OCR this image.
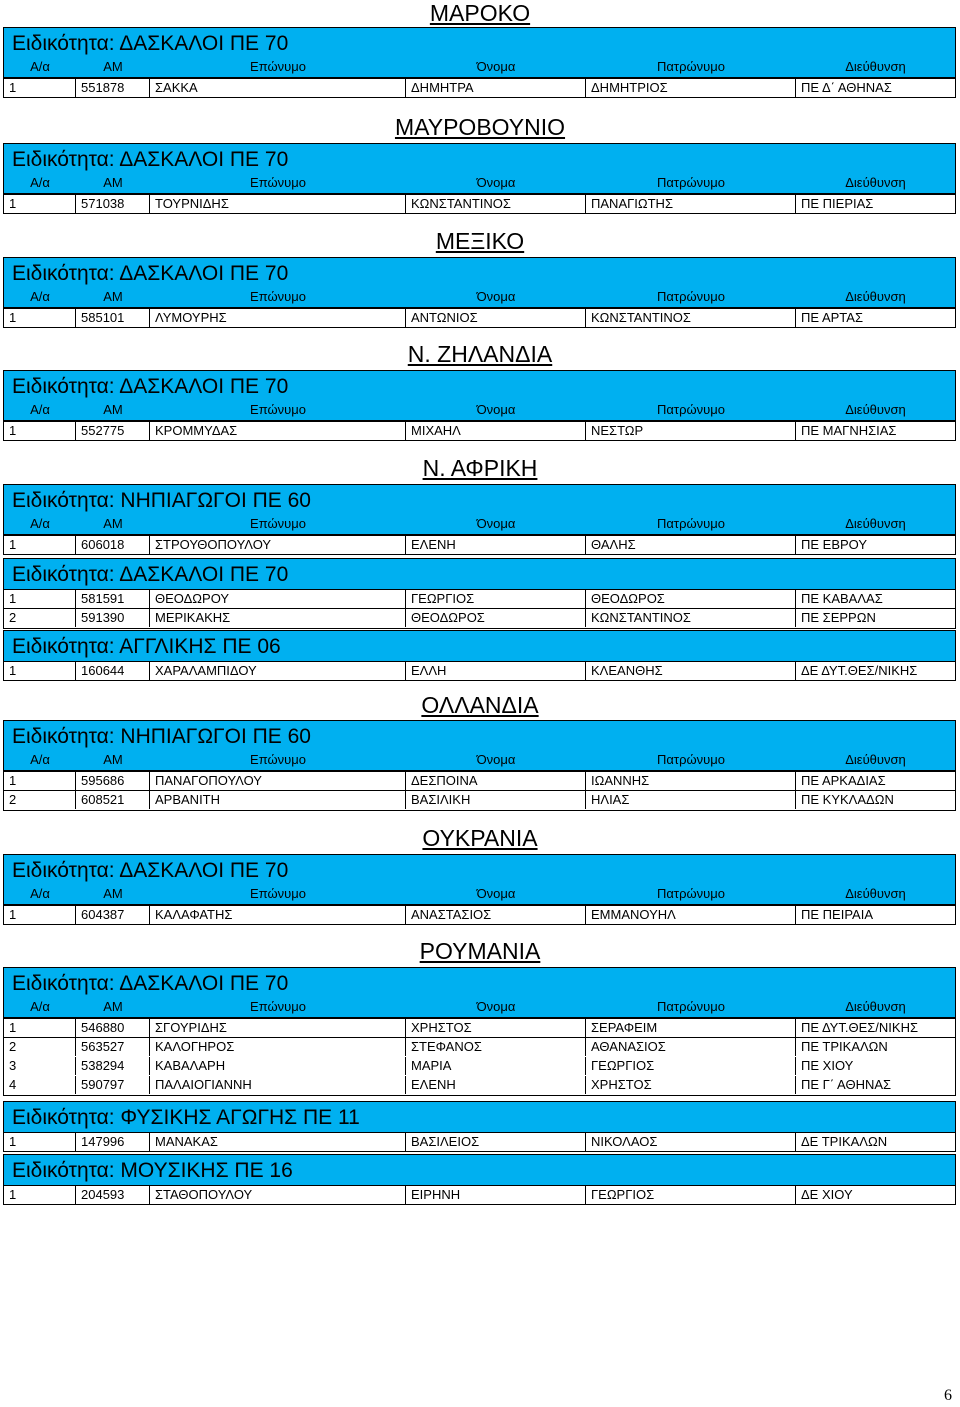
6
ΜΑΡΟΚΟ
Ειδικότητα: ΔΑΣΚΑΛΟΙ ΠΕ 70
Α/α	ΑΜ	Επώνυμο	Όνομα	Πατρώνυμο	Διεύθυνση
1	551878	ΣΑΚΚΑ	ΔΗΜΗΤΡΑ	ΔΗΜΗΤΡΙΟΣ	ΠΕ Δ΄ ΑΘΗΝΑΣ
ΜΑΥΡΟΒΟΥΝΙΟ
Ειδικότητα: ΔΑΣΚΑΛΟΙ ΠΕ 70
Α/α	ΑΜ	Επώνυμο	Όνομα	Πατρώνυμο	Διεύθυνση
1	571038	ΤΟΥΡΝΙΔΗΣ	ΚΩΝΣΤΑΝΤΙΝΟΣ	ΠΑΝΑΓΙΩΤΗΣ	ΠΕ ΠΙΕΡΙΑΣ
ΜΕΞΙΚΟ
Ειδικότητα: ΔΑΣΚΑΛΟΙ ΠΕ 70
Α/α	ΑΜ	Επώνυμο	Όνομα	Πατρώνυμο	Διεύθυνση
1	585101	ΛΥΜΟΥΡΗΣ	ΑΝΤΩΝΙΟΣ	ΚΩΝΣΤΑΝΤΙΝΟΣ	ΠΕ ΑΡΤΑΣ
Ν. ΖΗΛΑΝΔΙΑ
Ειδικότητα: ΔΑΣΚΑΛΟΙ ΠΕ 70
Α/α	ΑΜ	Επώνυμο	Όνομα	Πατρώνυμο	Διεύθυνση
1	552775	ΚΡΟΜΜΥΔΑΣ	ΜΙΧΑΗΛ	ΝΕΣΤΩΡ	ΠΕ ΜΑΓΝΗΣΙΑΣ
Ν. ΑΦΡΙΚΗ
Ειδικότητα: ΝΗΠΙΑΓΩΓΟΙ ΠΕ 60
Α/α	ΑΜ	Επώνυμο	Όνομα	Πατρώνυμο	Διεύθυνση
1	606018	ΣΤΡΟΥΘΟΠΟΥΛΟΥ	ΕΛΕΝΗ	ΘΑΛΗΣ	ΠΕ ΕΒΡΟΥ
Ειδικότητα: ΔΑΣΚΑΛΟΙ ΠΕ 70
1	581591	ΘΕΟΔΩΡΟΥ	ΓΕΩΡΓΙΟΣ	ΘΕΟΔΩΡΟΣ	ΠΕ ΚΑΒΑΛΑΣ
2	591390	ΜΕΡΙΚΑΚΗΣ	ΘΕΟΔΩΡΟΣ	ΚΩΝΣΤΑΝΤΙΝΟΣ	ΠΕ ΣΕΡΡΩΝ
Ειδικότητα: ΑΓΓΛΙΚΗΣ ΠΕ 06
1	160644	ΧΑΡΑΛΑΜΠΙΔΟΥ	ΕΛΛΗ	ΚΛΕΑΝΘΗΣ	ΔΕ ΔΥΤ.ΘΕΣ/ΝΙΚΗΣ
ΟΛΛΑΝΔΙΑ
Ειδικότητα: ΝΗΠΙΑΓΩΓΟΙ ΠΕ 60
Α/α	ΑΜ	Επώνυμο	Όνομα	Πατρώνυμο	Διεύθυνση
1	595686	ΠΑΝΑΓΟΠΟΥΛΟΥ	ΔΕΣΠΟΙΝΑ	ΙΩΑΝΝΗΣ	ΠΕ ΑΡΚΑΔΙΑΣ
2	608521	ΑΡΒΑΝΙΤΗ	ΒΑΣΙΛΙΚΗ	ΗΛΙΑΣ	ΠΕ ΚΥΚΛΑΔΩΝ
ΟΥΚΡΑΝΙΑ
Ειδικότητα: ΔΑΣΚΑΛΟΙ ΠΕ 70
Α/α	ΑΜ	Επώνυμο	Όνομα	Πατρώνυμο	Διεύθυνση
1	604387	ΚΑΛΑΦΑΤΗΣ	ΑΝΑΣΤΑΣΙΟΣ	ΕΜΜΑΝΟΥΗΛ	ΠΕ ΠΕΙΡΑΙΑ
ΡΟΥΜΑΝΙΑ
Ειδικότητα: ΔΑΣΚΑΛΟΙ ΠΕ 70
Α/α	ΑΜ	Επώνυμο	Όνομα	Πατρώνυμο	Διεύθυνση
1	546880	ΣΓΟΥΡΙΔΗΣ	ΧΡΗΣΤΟΣ	ΣΕΡΑΦΕΙΜ	ΠΕ ΔΥΤ.ΘΕΣ/ΝΙΚΗΣ
2	563527	ΚΑΛΟΓΗΡΟΣ	ΣΤΕΦΑΝΟΣ	ΑΘΑΝΑΣΙΟΣ	ΠΕ ΤΡΙΚΑΛΩΝ
3	538294	ΚΑΒΑΛΑΡΗ	ΜΑΡΙΑ	ΓΕΩΡΓΙΟΣ	ΠΕ ΧΙΟΥ
4	590797	ΠΑΛΑΙΟΓΙΑΝΝΗ	ΕΛΕΝΗ	ΧΡΗΣΤΟΣ	ΠΕ Γ΄ ΑΘΗΝΑΣ
Ειδικότητα: ΦΥΣΙΚΗΣ ΑΓΩΓΗΣ ΠΕ 11
1	147996	ΜΑΝΑΚΑΣ	ΒΑΣΙΛΕΙΟΣ	ΝΙΚΟΛΑΟΣ	ΔΕ ΤΡΙΚΑΛΩΝ
Ειδικότητα: ΜΟΥΣΙΚΗΣ ΠΕ 16
1	204593	ΣΤΑΘΟΠΟΥΛΟΥ	ΕΙΡΗΝΗ	ΓΕΩΡΓΙΟΣ	ΔΕ ΧΙΟΥ
